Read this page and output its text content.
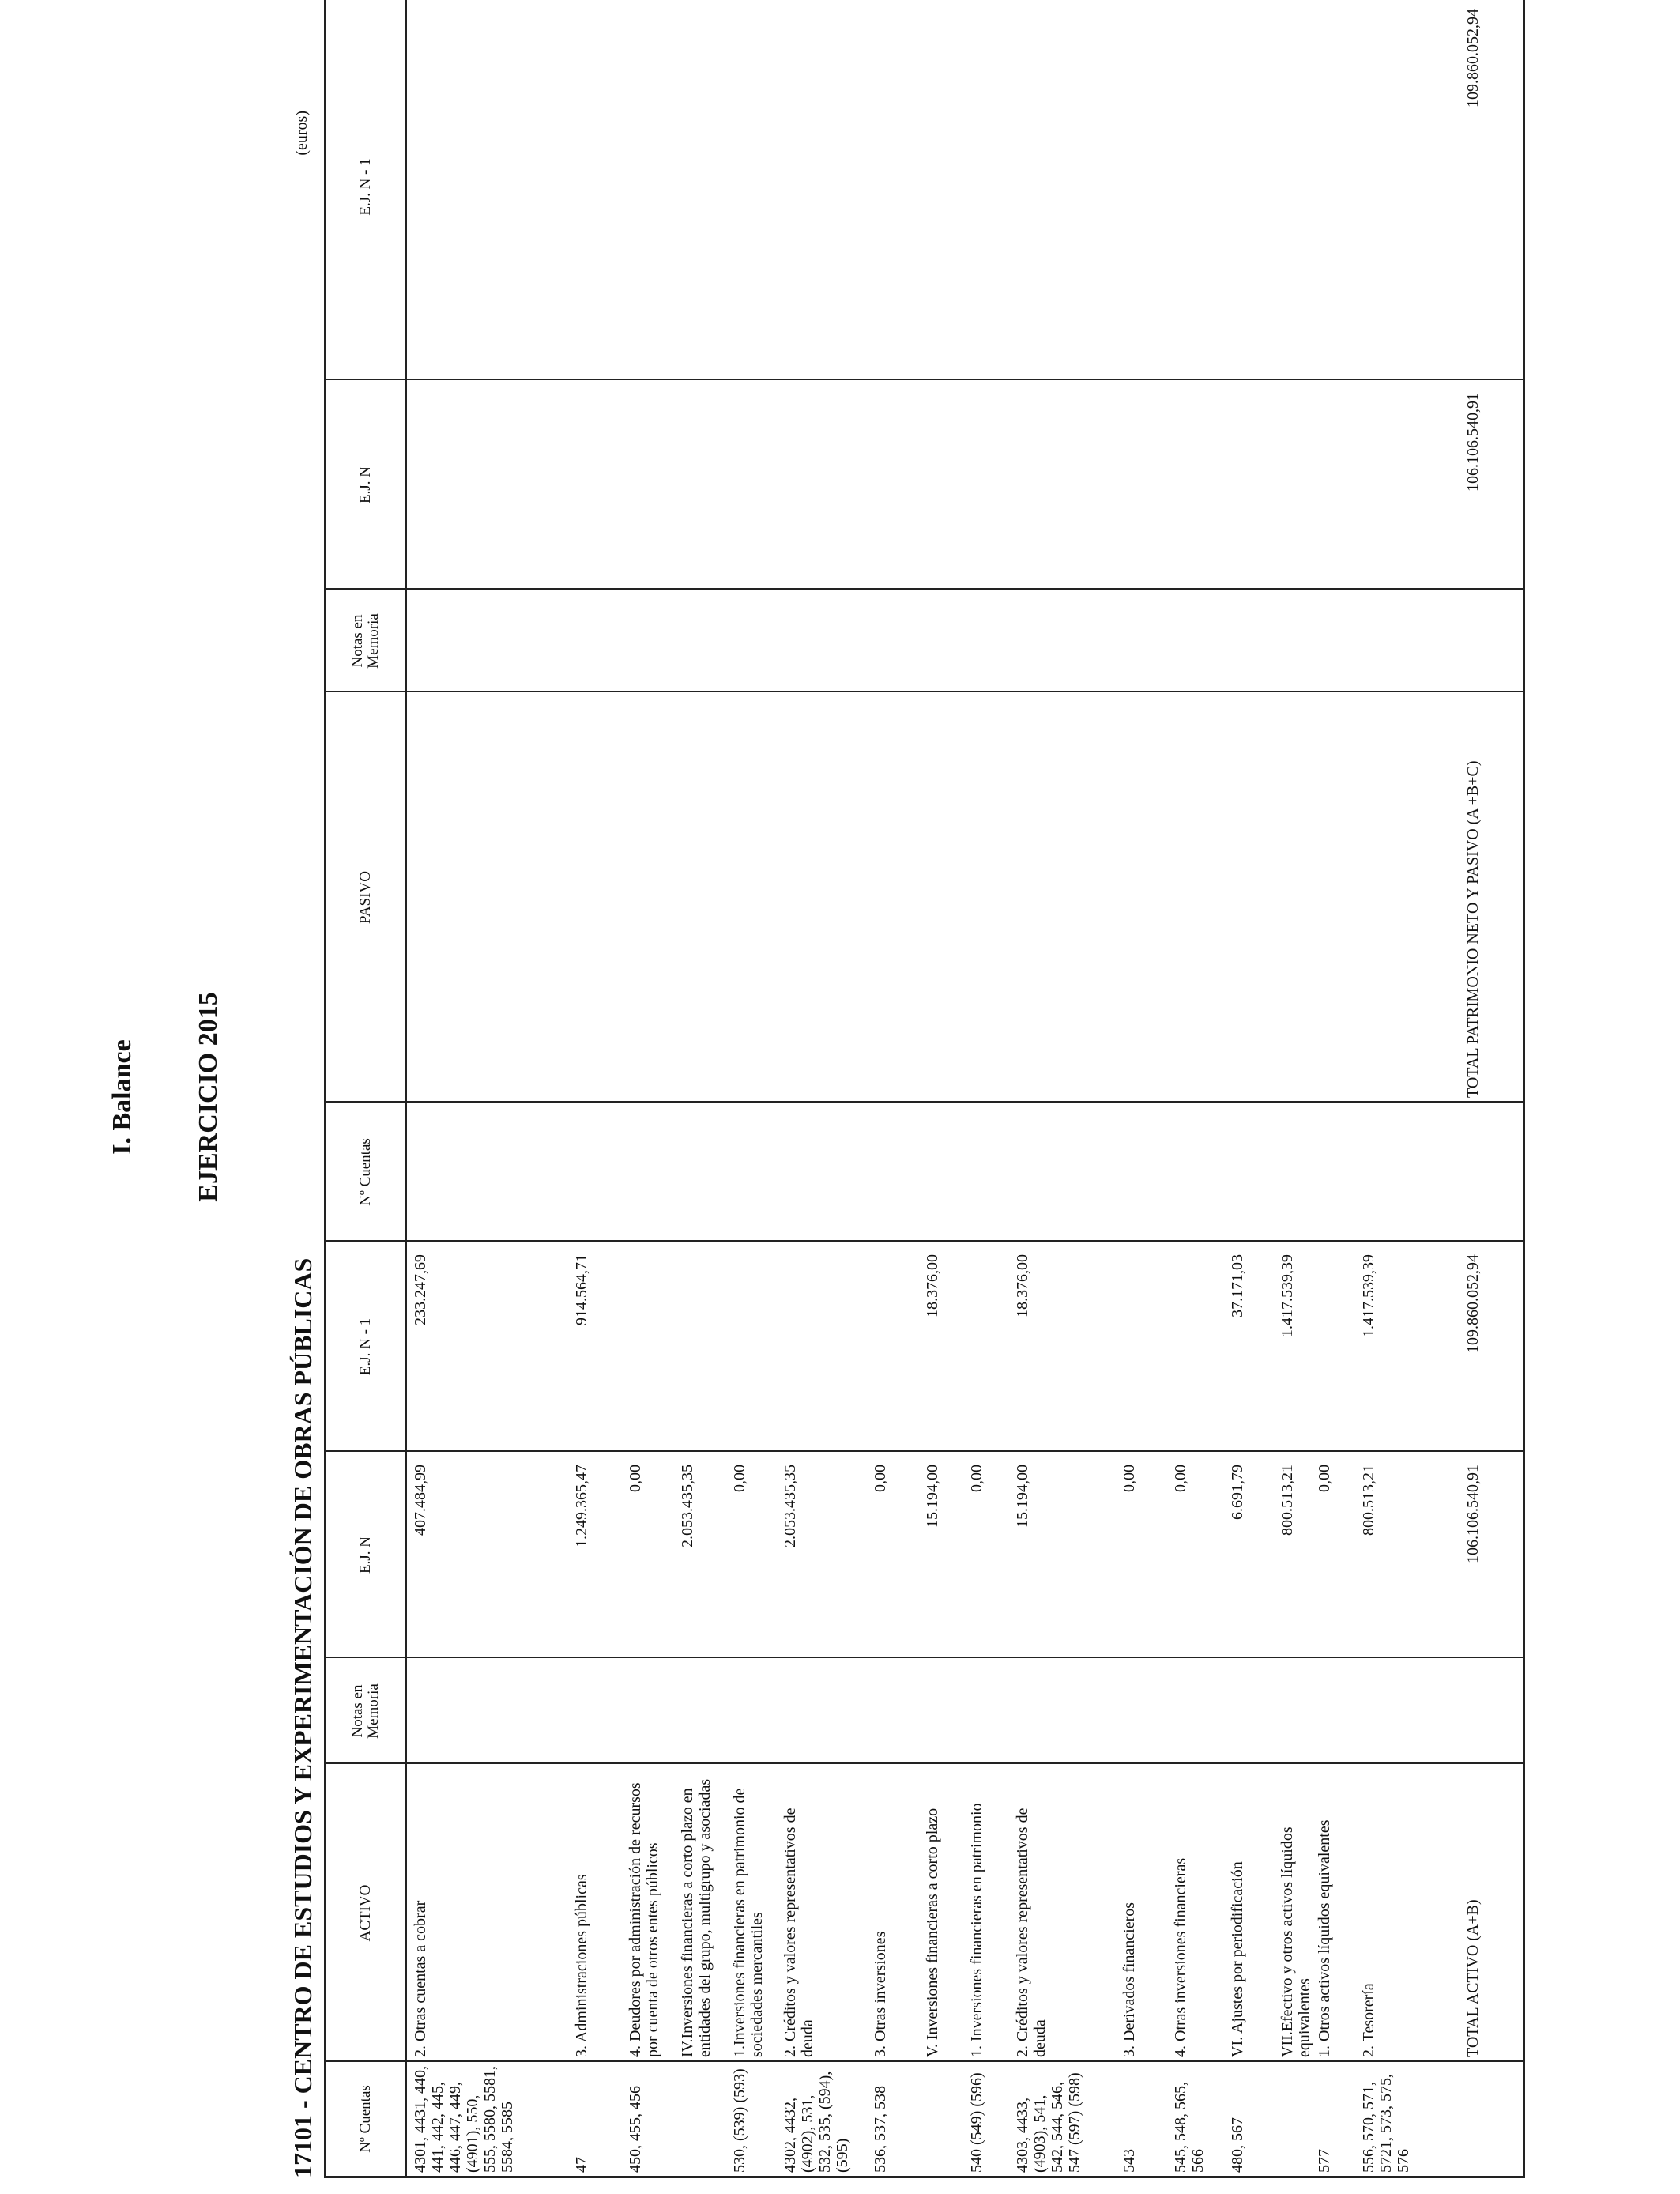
I. Balance EJERCICIO 2015
17101 - CENTRO DE ESTUDIOS Y EXPERIMENTACIÓN DE OBRAS PÚBLICAS
(euros)
Nº Cuentas
ACTIVO
Notas en Memoria
E.J. N
E.J. N - 1
Nº Cuentas
PASIVO
Notas en Memoria
E.J. N
E.J. N - 1
4301, 4431, 440, 441, 442, 445, 446, 447, 449, (4901), 550, 555, 5580, 5581, 5584, 5585
2. Otras cuentas a cobrar
407.484,99
233.247,69
47
3. Administraciones públicas
1.249.365,47
914.564,71
450, 455, 456
4. Deudores por administración de recursos por cuenta de otros entes públicos
0,00
IV.Inversiones financieras a corto plazo en entidades del grupo, multigrupo y asociadas
2.053.435,35
530, (539) (593)
1.Inversiones financieras en patrimonio de sociedades mercantiles
0,00
4302, 4432, (4902), 531, 532, 535, (594), (595)
2. Créditos y valores representativos de deuda
2.053.435,35
536, 537, 538
3. Otras inversiones
0,00
V. Inversiones financieras a corto plazo
15.194,00
18.376,00
540 (549) (596)
1. Inversiones financieras en patrimonio
0,00
4303, 4433, (4903), 541, 542, 544, 546, 547 (597) (598)
2. Créditos y valores representativos de deuda
15.194,00
18.376,00
543
3. Derivados financieros
0,00
545, 548, 565, 566
4. Otras inversiones financieras
0,00
480, 567
VI. Ajustes por periodificación
6.691,79
37.171,03
VII.Efectivo y otros activos líquidos equivalentes
800.513,21
1.417.539,39
577
1. Otros activos líquidos equivalentes
0,00
556, 570, 571, 5721, 573, 575, 576
2. Tesorería
800.513,21
1.417.539,39
TOTAL ACTIVO (A+B)
106.106.540,91
109.860.052,94
TOTAL PATRIMONIO NETO Y PASIVO (A +B+C)
106.106.540,91
109.860.052,94
